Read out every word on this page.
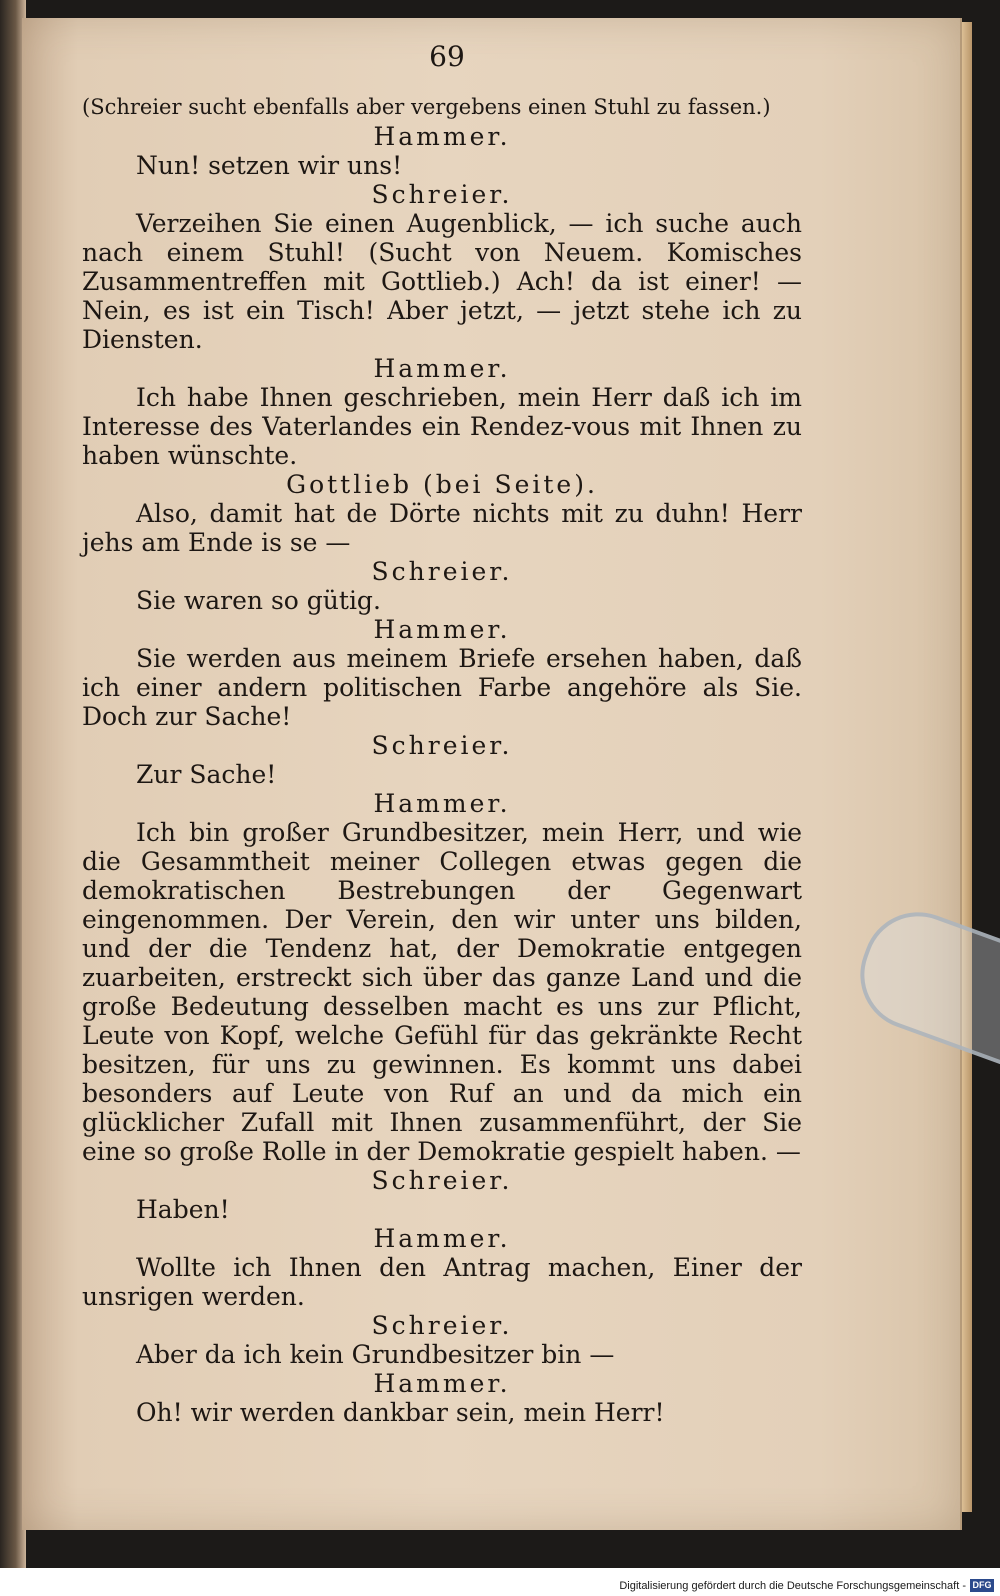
69
(Schreier sucht ebenfalls aber vergebens einen Stuhl zu fassen.)
Hammer.
Nun! setzen wir uns!
Schreier.
Verzeihen Sie einen Augenblick, — ich suche auch nach einem Stuhl! (Sucht von Neuem. Komisches Zusammentreffen mit Gottlieb.) Ach! da ist einer! — Nein, es ist ein Tisch! Aber jetzt, — jetzt stehe ich zu Diensten.
Hammer.
Ich habe Ihnen geschrieben, mein Herr daß ich im Interesse des Vaterlandes ein Rendez-vous mit Ihnen zu haben wünschte.
Gottlieb (bei Seite).
Also, damit hat de Dörte nichts mit zu duhn! Herr jehs am Ende is se —
Schreier.
Sie waren so gütig.
Hammer.
Sie werden aus meinem Briefe ersehen haben, daß ich einer andern politischen Farbe angehöre als Sie. Doch zur Sache!
Schreier.
Zur Sache!
Hammer.
Ich bin großer Grundbesitzer, mein Herr, und wie die Gesammtheit meiner Collegen etwas gegen die demokratischen Bestrebungen der Gegenwart eingenommen. Der Verein, den wir unter uns bilden, und der die Tendenz hat, der Demokratie entgegen zuarbeiten, erstreckt sich über das ganze Land und die große Bedeutung desselben macht es uns zur Pflicht, Leute von Kopf, welche Gefühl für das gekränkte Recht besitzen, für uns zu gewinnen. Es kommt uns dabei besonders auf Leute von Ruf an und da mich ein glücklicher Zufall mit Ihnen zusammenführt, der Sie eine so große Rolle in der Demokratie gespielt haben. —
Schreier.
Haben!
Hammer.
Wollte ich Ihnen den Antrag machen, Einer der unsrigen werden.
Schreier.
Aber da ich kein Grundbesitzer bin —
Hammer.
Oh! wir werden dankbar sein, mein Herr!
Digitalisierung gefördert durch die Deutsche Forschungsgemeinschaft - DFG
